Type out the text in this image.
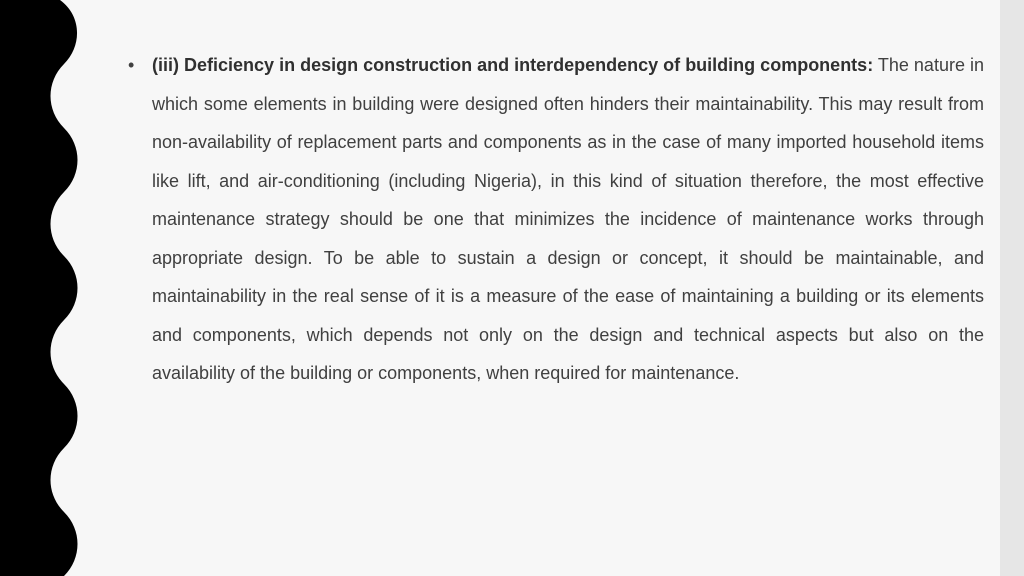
• (iii) Deficiency in design construction and interdependency of building components: The nature in which some elements in building were designed often hinders their maintainability. This may result from non-availability of replacement parts and components as in the case of many imported household items like lift, and air-conditioning (including Nigeria), in this kind of situation therefore, the most effective maintenance strategy should be one that minimizes the incidence of maintenance works through appropriate design. To be able to sustain a design or concept, it should be maintainable, and maintainability in the real sense of it is a measure of the ease of maintaining a building or its elements and components, which depends not only on the design and technical aspects but also on the availability of the building or components, when required for maintenance.
